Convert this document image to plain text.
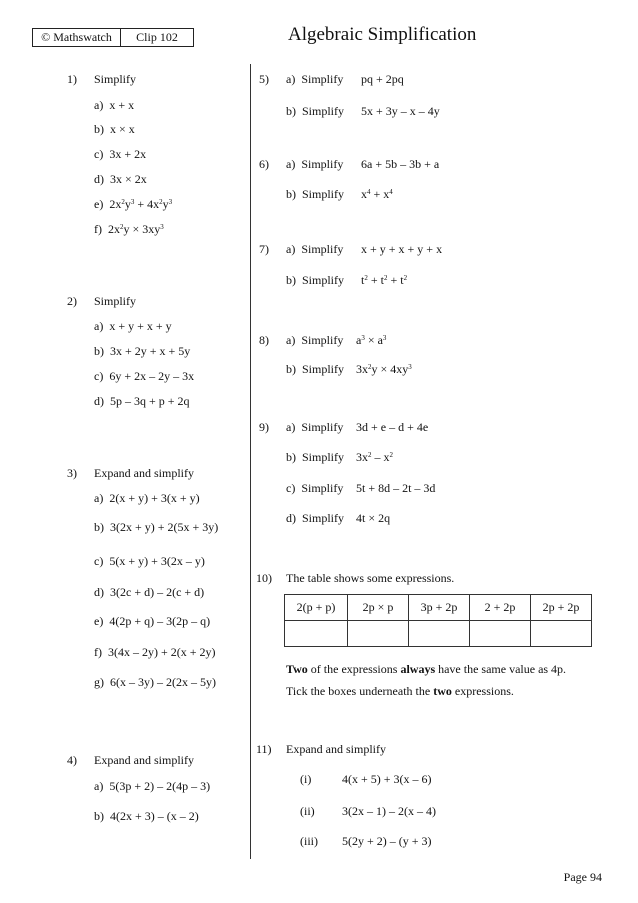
© Mathswatch	Clip 102	Algebraic Simplification
1) Simplify
a) x + x
b) x × x
c) 3x + 2x
d) 3x × 2x
e) $2x^2y^3 + 4x^2y^3$
f) $2x^2y \times 3xy^3$
2) Simplify
a) x + y + x + y
b) 3x + 2y + x + 5y
c) 6y + 2x – 2y – 3x
d) 5p – 3q + p + 2q
3) Expand and simplify
a) 2(x + y) + 3(x + y)
b) 3(2x + y) + 2(5x + 3y)
c) 5(x + y) + 3(2x – y)
d) 3(2c + d) – 2(c + d)
e) 4(2p + q) – 3(2p – q)
f) 3(4x – 2y) + 2(x + 2y)
g) 6(x – 3y) – 2(2x – 5y)
4) Expand and simplify
a) 5(3p + 2) – 2(4p – 3)
b) 4(2x + 3) – (x – 2)
5) a) Simplify pq + 2pq
b) Simplify 5x + 3y – x – 4y
6) a) Simplify 6a + 5b – 3b + a
b) Simplify $x^4 + x^4$
7) a) Simplify x + y + x + y + x
b) Simplify $t^2 + t^2 + t^2$
8) a) Simplify $a^3 \times a^3$
b) Simplify $3x^2y \times 4xy^3$
9) a) Simplify 3d + e – d + 4e
b) Simplify $3x^2 - x^2$
c) Simplify 5t + 8d – 2t – 3d
d) Simplify 4t × 2q
10) The table shows some expressions.
2(p + p)	2p × p	3p + 2p	2 + 2p	2p + 2p

Two of the expressions always have the same value as 4p.
Tick the boxes underneath the two expressions.
11) Expand and simplify
(i)	4(x + 5) + 3(x – 6)
(ii) 3(2x – 1) – 2(x – 4)
(iii) 5(2y + 2) – (y + 3)
Page 94
